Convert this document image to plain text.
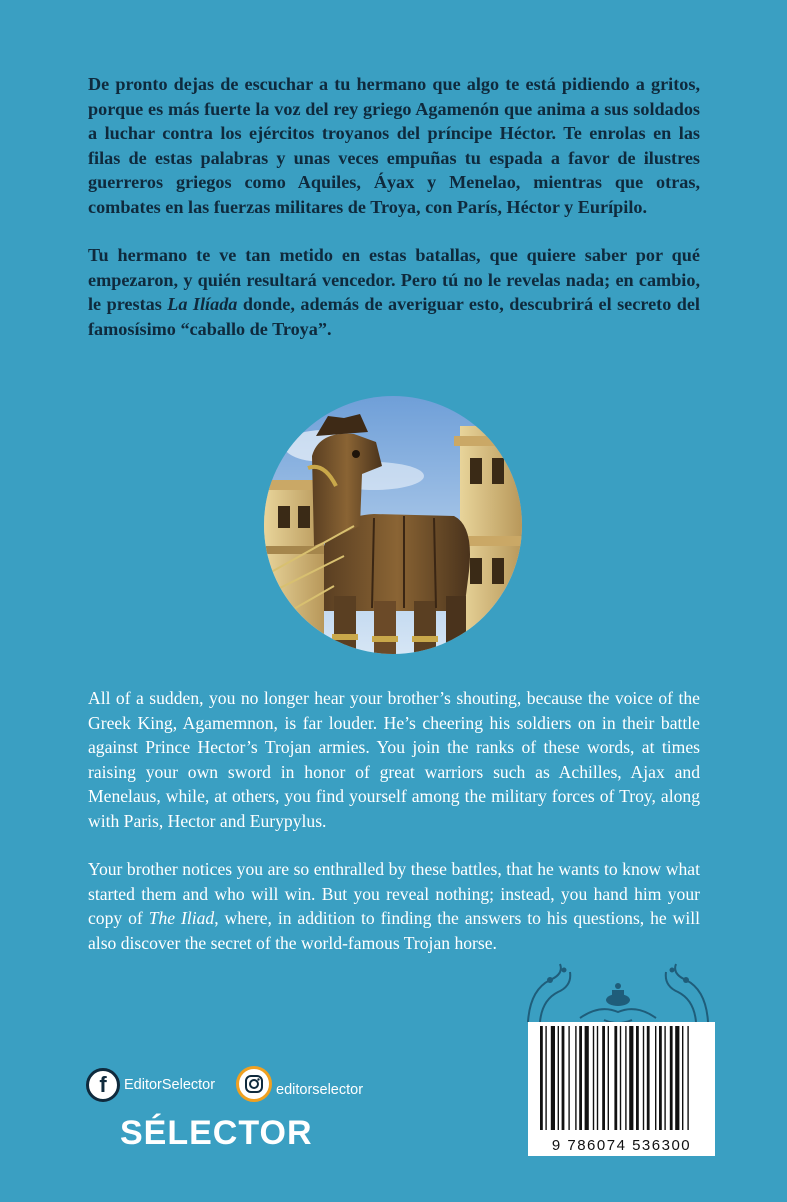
De pronto dejas de escuchar a tu hermano que algo te está pidiendo a gritos, porque es más fuerte la voz del rey griego Agamenón que anima a sus soldados a luchar contra los ejércitos troyanos del príncipe Héctor. Te enrolas en las filas de estas palabras y unas veces empuñas tu espada a favor de ilustres guerreros griegos como Aquiles, Áyax y Menelao, mientras que otras, combates en las fuerzas militares de Troya, con París, Héctor y Eurípilo.

Tu hermano te ve tan metido en estas batallas, que quiere saber por qué empezaron, y quién resultará vencedor. Pero tú no le revelas nada; en cambio, le prestas La Ilíada donde, además de averiguar esto, descubrirá el secreto del famosísimo “caballo de Troya”.

All of a sudden, you no longer hear your brother’s shouting, because the voice of the Greek King, Agamemnon, is far louder. He’s cheering his soldiers on in their battle against Prince Hector’s Trojan armies. You join the ranks of these words, at times raising your own sword in honor of great warriors such as Achilles, Ajax and Menelaus, while, at others, you find yourself among the military forces of Troy, along with Paris, Hector and Eurypylus.

Your brother notices you are so enthralled by these battles, that he wants to know what started them and who will win. But you reveal nothing; instead, you hand him your copy of The Iliad, where, in addition to finding the answers to his questions, he will also discover the secret of the world-famous Trojan horse.

9 786074 536300
f	EditorSelector	editorselector
SÉLECTOR
